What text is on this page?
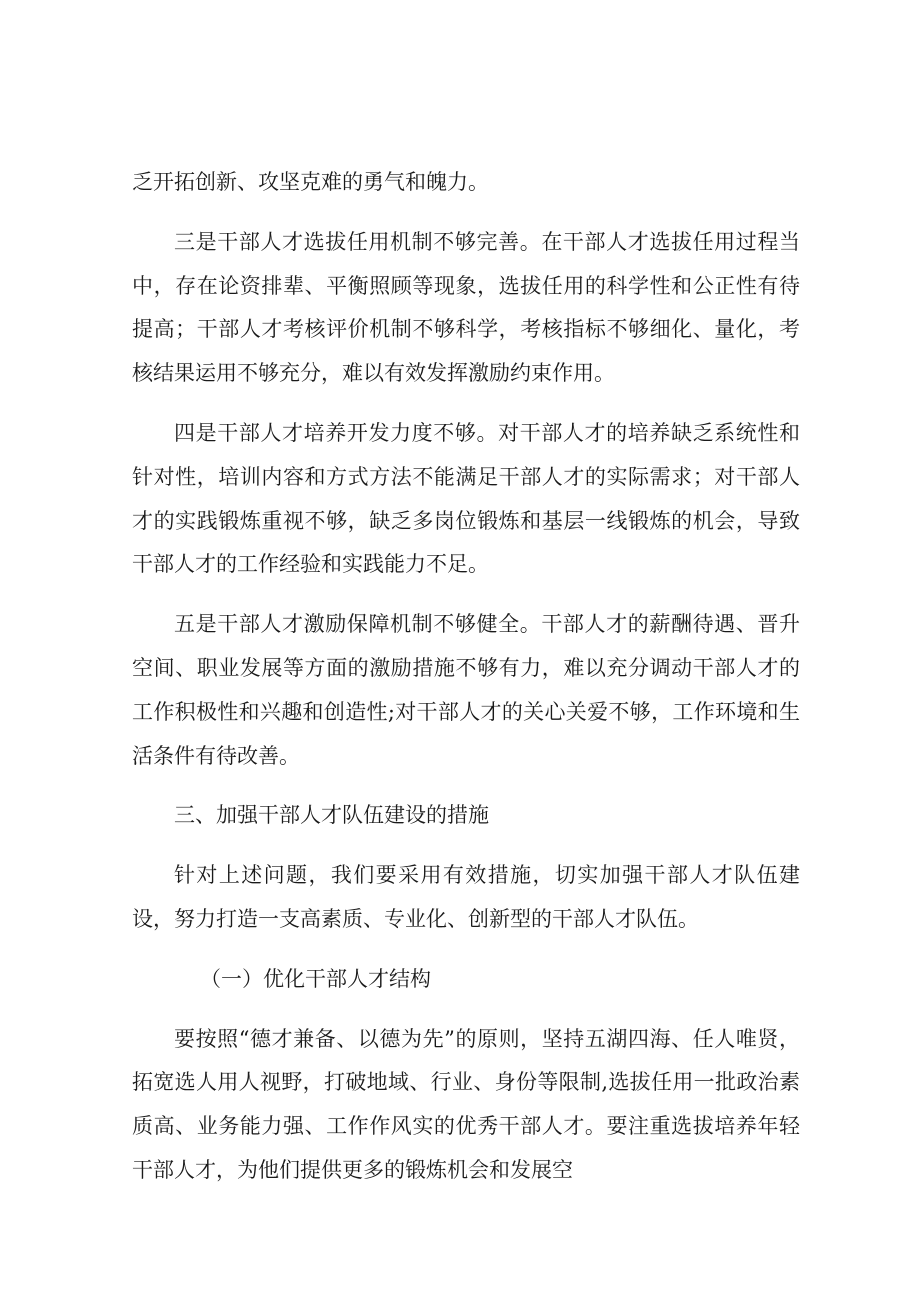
乏开拓创新、攻坚克难的勇气和魄力。

三是干部人才选拔任用机制不够完善。在干部人才选拔任用过程当中，存在论资排辈、平衡照顾等现象，选拔任用的科学性和公正性有待提高；干部人才考核评价机制不够科学，考核指标不够细化、量化，考核结果运用不够充分，难以有效发挥激励约束作用。

四是干部人才培养开发力度不够。对干部人才的培养缺乏系统性和针对性，培训内容和方式方法不能满足干部人才的实际需求；对干部人才的实践锻炼重视不够，缺乏多岗位锻炼和基层一线锻炼的机会，导致干部人才的工作经验和实践能力不足。

五是干部人才激励保障机制不够健全。干部人才的薪酬待遇、晋升空间、职业发展等方面的激励措施不够有力，难以充分调动干部人才的工作积极性和兴趣和创造性;对干部人才的关心关爱不够，工作环境和生活条件有待改善。

三、加强干部人才队伍建设的措施

针对上述问题，我们要采用有效措施，切实加强干部人才队伍建设，努力打造一支高素质、专业化、创新型的干部人才队伍。

（一）优化干部人才结构

要按照“德才兼备、以德为先”的原则，坚持五湖四海、任人唯贤，拓宽选人用人视野，打破地域、行业、身份等限制,选拔任用一批政治素质高、业务能力强、工作作风实的优秀干部人才。要注重选拔培养年轻干部人才，为他们提供更多的锻炼机会和发展空
